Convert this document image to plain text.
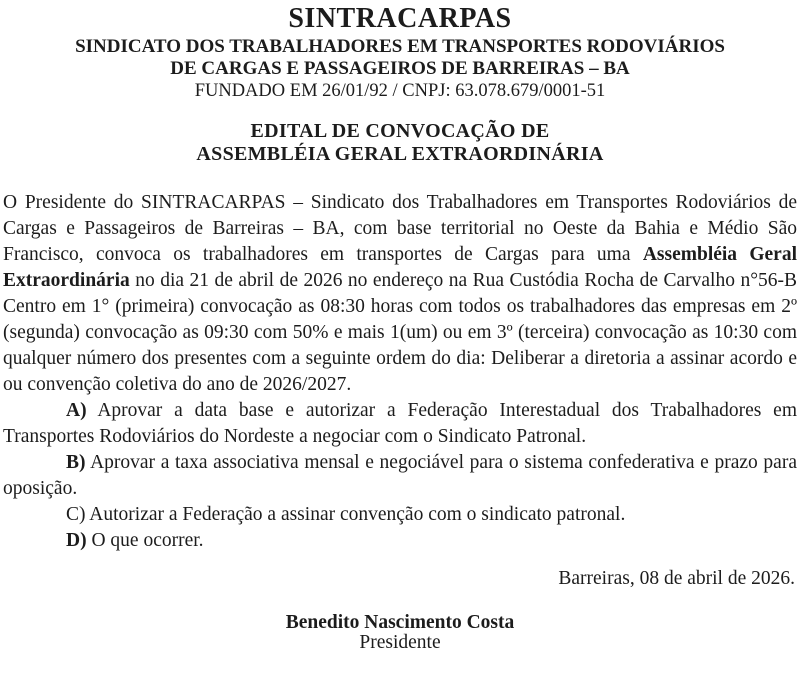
SINTRACARPAS
SINDICATO DOS TRABALHADORES EM TRANSPORTES RODOVIÁRIOS
DE CARGAS E PASSAGEIROS DE BARREIRAS – BA
FUNDADO EM 26/01/92 / CNPJ: 63.078.679/0001-51
EDITAL DE CONVOCAÇÃO DE
ASSEMBLÉIA GERAL EXTRAORDINÁRIA

O Presidente do SINTRACARPAS – Sindicato dos Trabalhadores em Transportes Rodoviários de Cargas e Passageiros de Barreiras – BA, com base territorial no Oeste da Bahia e Médio São Francisco, convoca os trabalhadores em transportes de Cargas para uma Assembléia Geral Extraordinária no dia 21 de abril de 2026 no endereço na Rua Custódia Rocha de Carvalho n°56-B Centro em 1° (primeira) convocação as 08:30 horas com todos os trabalhadores das empresas em 2º (segunda) convocação as 09:30 com 50% e mais 1(um) ou em 3º (terceira) convocação as 10:30 com qualquer número dos presentes com a seguinte ordem do dia: Deliberar a diretoria a assinar acordo e ou convenção coletiva do ano de 2026/2027.

A) Aprovar a data base e autorizar a Federação Interestadual dos Trabalhadores em Transportes Rodoviários do Nordeste a negociar com o Sindicato Patronal.

B) Aprovar a taxa associativa mensal e negociável para o sistema confederativa e prazo para oposição.

C) Autorizar a Federação a assinar convenção com o sindicato patronal.

D) O que ocorrer.

Barreiras, 08 de abril de 2026.

Benedito Nascimento Costa
Presidente
